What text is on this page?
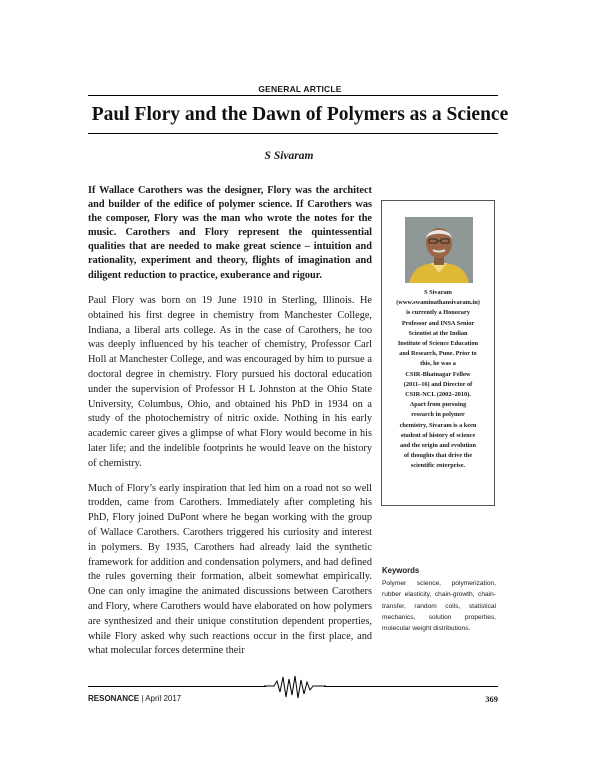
GENERAL ARTICLE
Paul Flory and the Dawn of Polymers as a Science
S Sivaram
If Wallace Carothers was the designer, Flory was the architect and builder of the edifice of polymer science. If Carothers was the composer, Flory was the man who wrote the notes for the music. Carothers and Flory represent the quintessential qualities that are needed to make great science – intuition and rationality, experiment and theory, flights of imagination and diligent reduction to practice, exuberance and rigour.

Paul Flory was born on 19 June 1910 in Sterling, Illinois. He obtained his first degree in chemistry from Manchester College, Indiana, a liberal arts college. As in the case of Carothers, he too was deeply influenced by his teacher of chemistry, Professor Carl Holl at Manchester College, and was encouraged by him to pursue a doctoral degree in chemistry. Flory pursued his doctoral education under the supervision of Professor H L Johnston at the Ohio State University, Columbus, Ohio, and obtained his PhD in 1934 on a study of the photochemistry of nitric oxide. Nothing in his early academic career gives a glimpse of what Flory would become in his later life; and the indelible footprints he would leave on the history of chemistry.

Much of Flory’s early inspiration that led him on a road not so well trodden, came from Carothers. Immediately after completing his PhD, Flory joined DuPont where he began working with the group of Wallace Carothers. Carothers triggered his curiosity and interest in polymers. By 1935, Carothers had already laid the synthetic framework for addition and condensation polymers, and had defined the rules governing their formation, albeit somewhat empirically. One can only imagine the animated discussions between Carothers and Flory, where Carothers would have elaborated on how polymers are synthesized and their unique constitution dependent properties, while Flory asked why such reactions occur in the first place, and what molecular forces determine their

S Sivaram
(www.swaminathansivaram.in)
is currently a Honorary
Professor and INSA Senior
Scientist at the Indian
Institute of Science Education
and Research, Pune. Prior to
this, he was a
CSIR-Bhatnagar Fellow
(2011–16) and Director of
CSIR-NCL (2002–2010).
Apart from pursuing
research in polymer
chemistry, Sivaram is a keen
student of history of science
and the origin and evolution
of thoughts that drive the
scientific enterprise.
Keywords
Polymer science, polymerization, rubber elasticity, chain-growth, chain-transfer, random coils, statistical mechanics, solution properties, molecular weight distributions.
RESONANCE | April 2017	369
